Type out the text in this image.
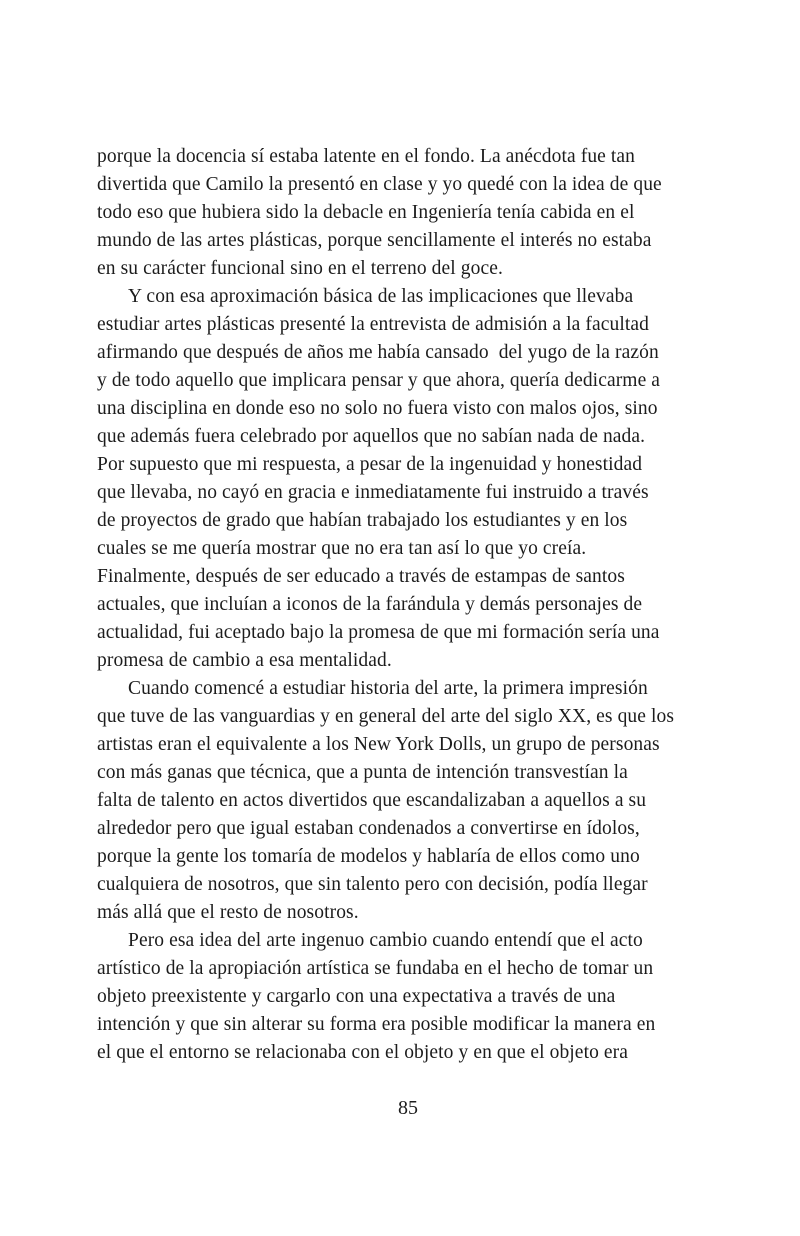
porque la docencia sí estaba latente en el fondo. La anécdota fue tan
divertida que Camilo la presentó en clase y yo quedé con la idea de que
todo eso que hubiera sido la debacle en Ingeniería tenía cabida en el
mundo de las artes plásticas, porque sencillamente el interés no estaba
en su carácter funcional sino en el terreno del goce.

Y con esa aproximación básica de las implicaciones que llevaba
estudiar artes plásticas presenté la entrevista de admisión a la facultad
afirmando que después de años me había cansado  del yugo de la razón
y de todo aquello que implicara pensar y que ahora, quería dedicarme a
una disciplina en donde eso no solo no fuera visto con malos ojos, sino
que además fuera celebrado por aquellos que no sabían nada de nada.
Por supuesto que mi respuesta, a pesar de la ingenuidad y honestidad
que llevaba, no cayó en gracia e inmediatamente fui instruido a través
de proyectos de grado que habían trabajado los estudiantes y en los
cuales se me quería mostrar que no era tan así lo que yo creía.
Finalmente, después de ser educado a través de estampas de santos
actuales, que incluían a iconos de la farándula y demás personajes de
actualidad, fui aceptado bajo la promesa de que mi formación sería una
promesa de cambio a esa mentalidad.

Cuando comencé a estudiar historia del arte, la primera impresión
que tuve de las vanguardias y en general del arte del siglo XX, es que los
artistas eran el equivalente a los New York Dolls, un grupo de personas
con más ganas que técnica, que a punta de intención transvestían la
falta de talento en actos divertidos que escandalizaban a aquellos a su
alrededor pero que igual estaban condenados a convertirse en ídolos,
porque la gente los tomaría de modelos y hablaría de ellos como uno
cualquiera de nosotros, que sin talento pero con decisión, podía llegar
más allá que el resto de nosotros.

Pero esa idea del arte ingenuo cambio cuando entendí que el acto
artístico de la apropiación artística se fundaba en el hecho de tomar un
objeto preexistente y cargarlo con una expectativa a través de una
intención y que sin alterar su forma era posible modificar la manera en
el que el entorno se relacionaba con el objeto y en que el objeto era

85
